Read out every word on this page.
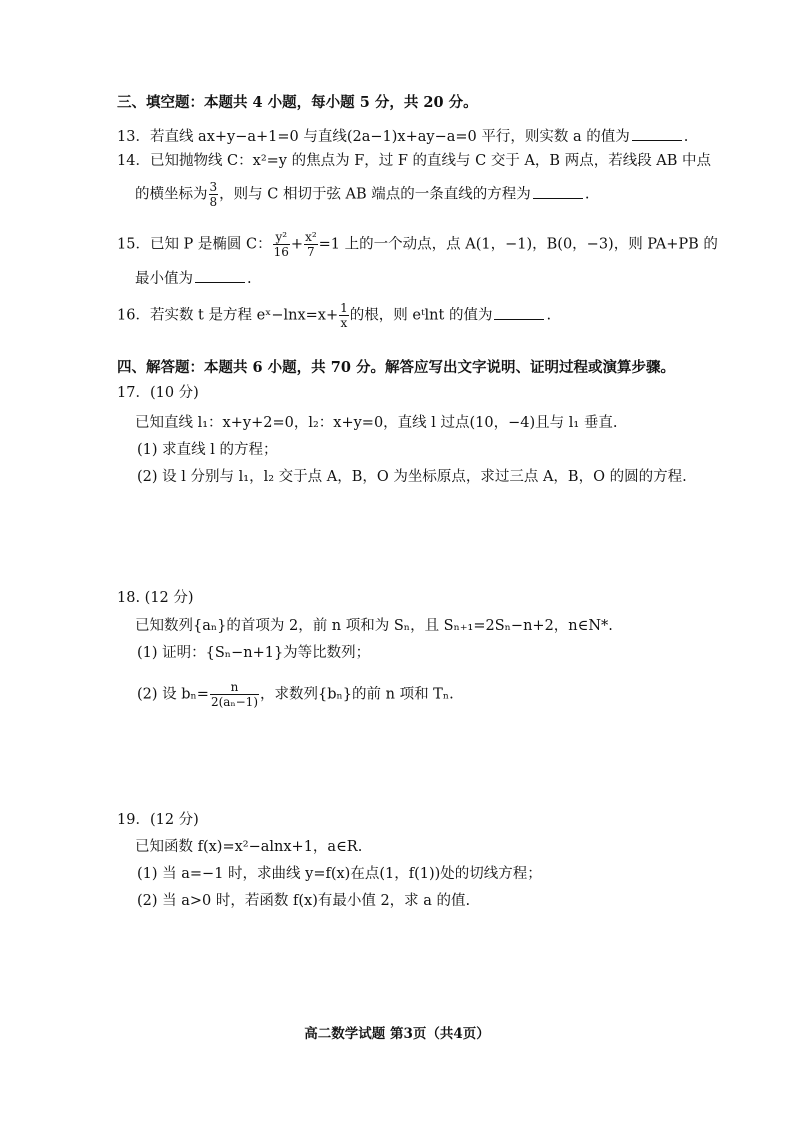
三、填空题：本题共 4 小题，每小题 5 分，共 20 分。
13．若直线 ax+y−a+1=0 与直线(2a−1)x+ay−a=0 平行，则实数 a 的值为	.
14．已知抛物线 C：x²=y 的焦点为 F，过 F 的直线与 C 交于 A，B 两点，若线段 AB 中点
的横坐标为 $\frac{3}{8}$ ，则与 C 相切于弦 AB 端点的一条直线的方程为	.
15．已知 P 是椭圆 C： $\frac{\text{y²}}{16} + \frac{\text{x²}}{7} =1$ 上的一个动点，点 A(1，−1)，B(0，−3)，则 PA+PB 的
最小值为	.
16．若实数 t 是方程 eˣ−lnx=x+ $\frac{1}{x}$ 的根，则 eᵗlnt 的值为	.
四、解答题：本题共 6 小题，共 70 分。解答应写出文字说明、证明过程或演算步骤。
17．(10 分)
已知直线 l₁：x+y+2=0，l₂：x+y=0，直线 l 过点(10，−4)且与 l₁ 垂直.
(1) 求直线 l 的方程；
(2) 设 l 分别与 l₁，l₂ 交于点 A，B，O 为坐标原点，求过三点 A，B，O 的圆的方程.
18. (12 分)
已知数列{aₙ}的首项为 2，前 n 项和为 Sₙ，且 Sₙ₊₁=2Sₙ−n+2，n∈N*.
(1) 证明：{Sₙ−n+1}为等比数列；
(2) 设 $b_n= \frac{n}{\text{2(aₙ−1)}}$ ，求数列{bₙ}的前 n 项和 Tₙ.
19．(12 分)
已知函数 f(x)=x²−alnx+1，a∈R.
(1) 当 a=−1 时，求曲线 y=f(x)在点(1，f(1))处的切线方程；
(2) 当 a>0 时，若函数 f(x)有最小值 2，求 a 的值.
高二数学试题 第3页（共4页）
